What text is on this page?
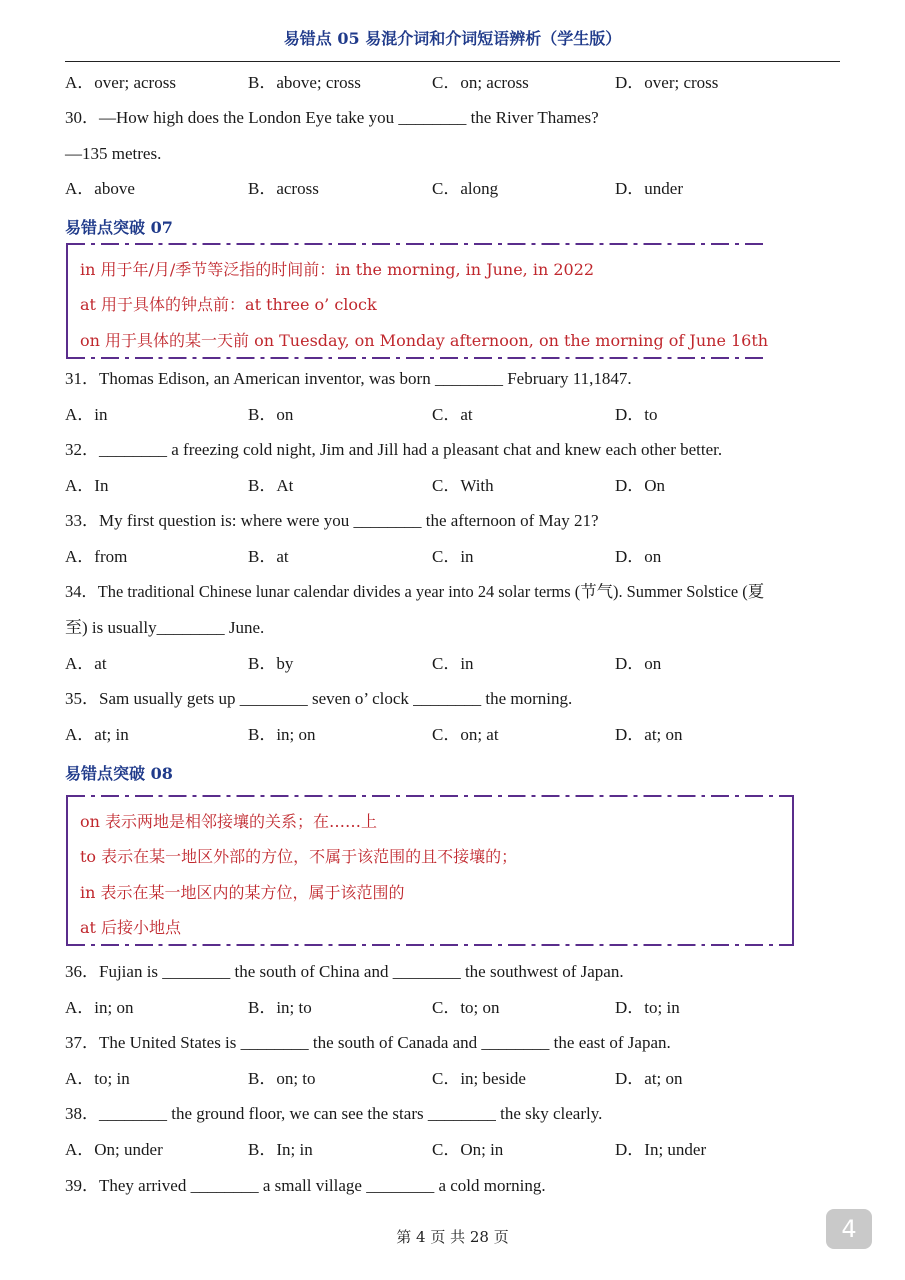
易错点 05 易混介词和介词短语辨析（学生版）
A．over; across	B．above; cross	C．on; across	D．over; cross
30．—How high does the London Eye take you ________ the River Thames?
—135 metres.
A．above	B．across	C．along	D．under
易错点突破 07
in 用于年/月/季节等泛指的时间前：in the morning, in June, in 2022
at 用于具体的钟点前：at three o’ clock
on 用于具体的某一天前 on Tuesday, on Monday afternoon, on the morning of June 16th
31．Thomas Edison, an American inventor, was born ________ February 11,1847.
A．in	B．on	C．at	D．to
32．________ a freezing cold night, Jim and Jill had a pleasant chat and knew each other better.
A．In	B．At	C．With	D．On
33．My first question is: where were you ________ the afternoon of May 21?
A．from	B．at	C．in	D．on
34．The traditional Chinese lunar calendar divides a year into 24 solar terms (节气). Summer Solstice (夏
至) is usually________ June.
A．at	B．by	C．in	D．on
35．Sam usually gets up ________ seven o’ clock ________ the morning.
A．at; in	B．in; on	C．on; at	D．at; on
易错点突破 08
on 表示两地是相邻接壤的关系；在……上
to 表示在某一地区外部的方位，不属于该范围的且不接壤的；
in 表示在某一地区内的某方位，属于该范围的
at 后接小地点
36．Fujian is ________ the south of China and ________ the southwest of Japan.
A．in; on	B．in; to	C．to; on	D．to; in
37．The United States is ________ the south of Canada and ________ the east of Japan.
A．to; in	B．on; to	C．in; beside	D．at; on
38．________ the ground floor, we can see the stars ________ the sky clearly.
A．On; under	B．In; in	C．On; in	D．In; under
39．They arrived ________ a small village ________ a cold morning.
第 4 页 共 28 页	4
